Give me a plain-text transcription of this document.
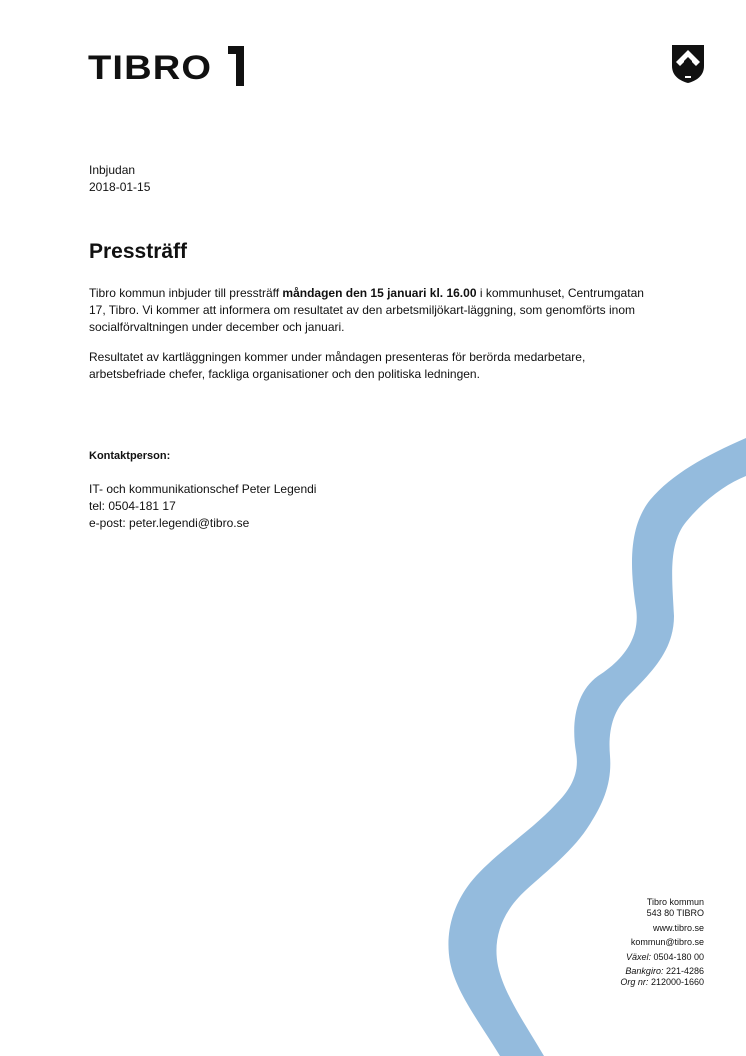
TIBRO
Inbjudan
2018-01-15
Pressträff

Tibro kommun inbjuder till pressträff måndagen den 15 januari kl. 16.00 i kommunhuset, Centrumgatan 17, Tibro. Vi kommer att informera om resultatet av den arbetsmiljökart-läggning, som genomförts inom socialförvaltningen under december och januari.

Resultatet av kartläggningen kommer under måndagen presenteras för berörda medarbetare, arbetsbefriade chefer, fackliga organisationer och den politiska ledningen.

Kontaktperson:
IT- och kommunikationschef Peter Legendi
tel: 0504-181 17
e-post: peter.legendi@tibro.se
Tibro kommun
543 80 TIBRO
www.tibro.se
kommun@tibro.se
Växel: 0504-180 00
Bankgiro: 221-4286
Org nr: 212000-1660
